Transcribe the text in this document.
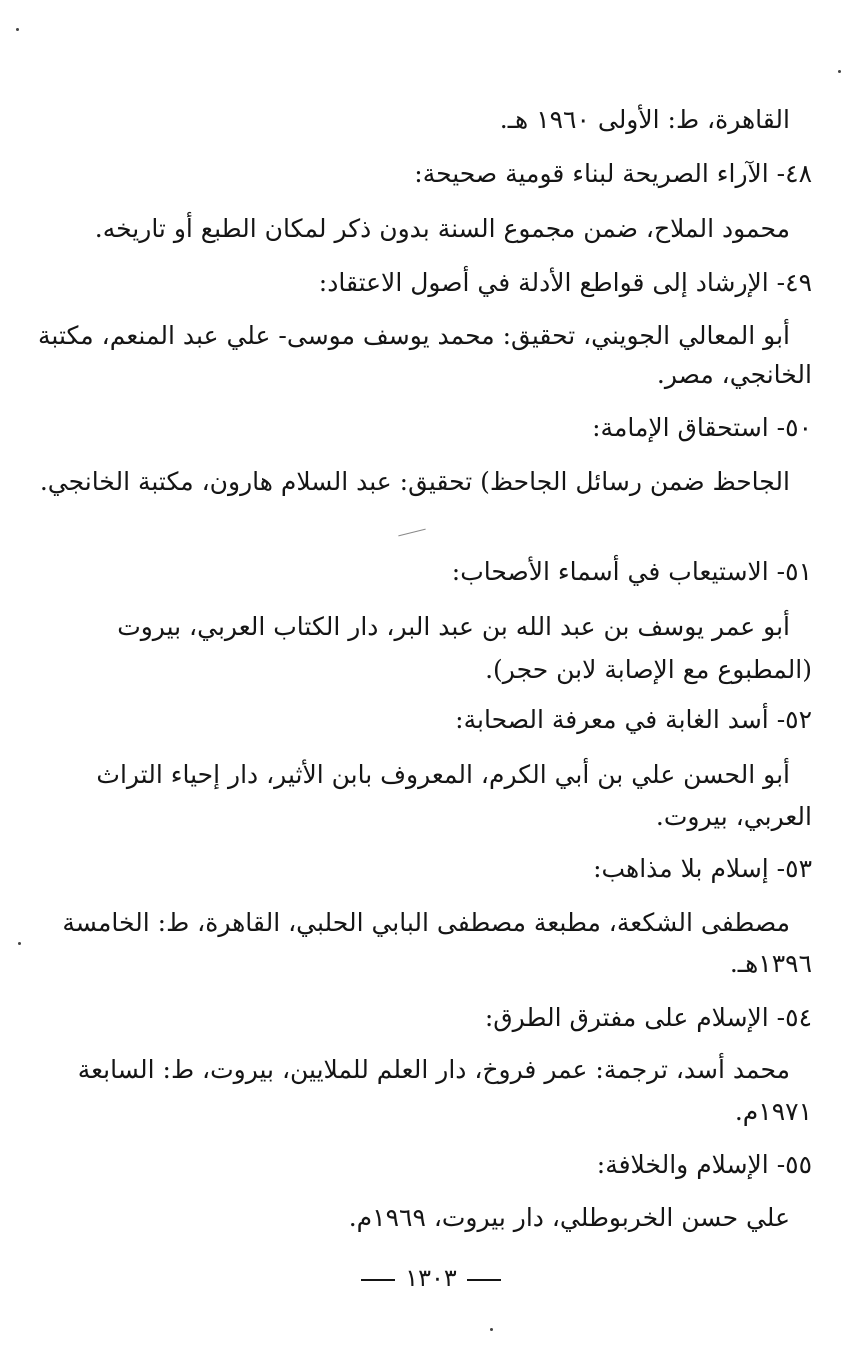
القاهرة، ط: الأولى ١٩٦٠ هـ.
٤٨- الآراء الصريحة لبناء قومية صحيحة:
محمود الملاح، ضمن مجموع السنة بدون ذكر لمكان الطبع أو تاريخه.
٤٩- الإرشاد إلى قواطع الأدلة في أصول الاعتقاد:
أبو المعالي الجويني، تحقيق: محمد يوسف موسى- علي عبد المنعم، مكتبة
الخانجي، مصر.
٥٠- استحقاق الإمامة:
الجاحظ ضمن رسائل الجاحظ) تحقيق: عبد السلام هارون، مكتبة الخانجي.
٥١- الاستيعاب في أسماء الأصحاب:
أبو عمر يوسف بن عبد الله بن عبد البر، دار الكتاب العربي، بيروت
(المطبوع مع الإصابة لابن حجر).
٥٢- أسد الغابة في معرفة الصحابة:
أبو الحسن علي بن أبي الكرم، المعروف بابن الأثير، دار إحياء التراث
العربي، بيروت.
٥٣- إسلام بلا مذاهب:
مصطفى الشكعة، مطبعة مصطفى البابي الحلبي، القاهرة، ط: الخامسة
١٣٩٦هـ.
٥٤- الإسلام على مفترق الطرق:
محمد أسد، ترجمة: عمر فروخ، دار العلم للملايين، بيروت، ط: السابعة
١٩٧١م.
٥٥- الإسلام والخلافة:
علي حسن الخربوطلي، دار بيروت، ١٩٦٩م.
١٣٠٣
